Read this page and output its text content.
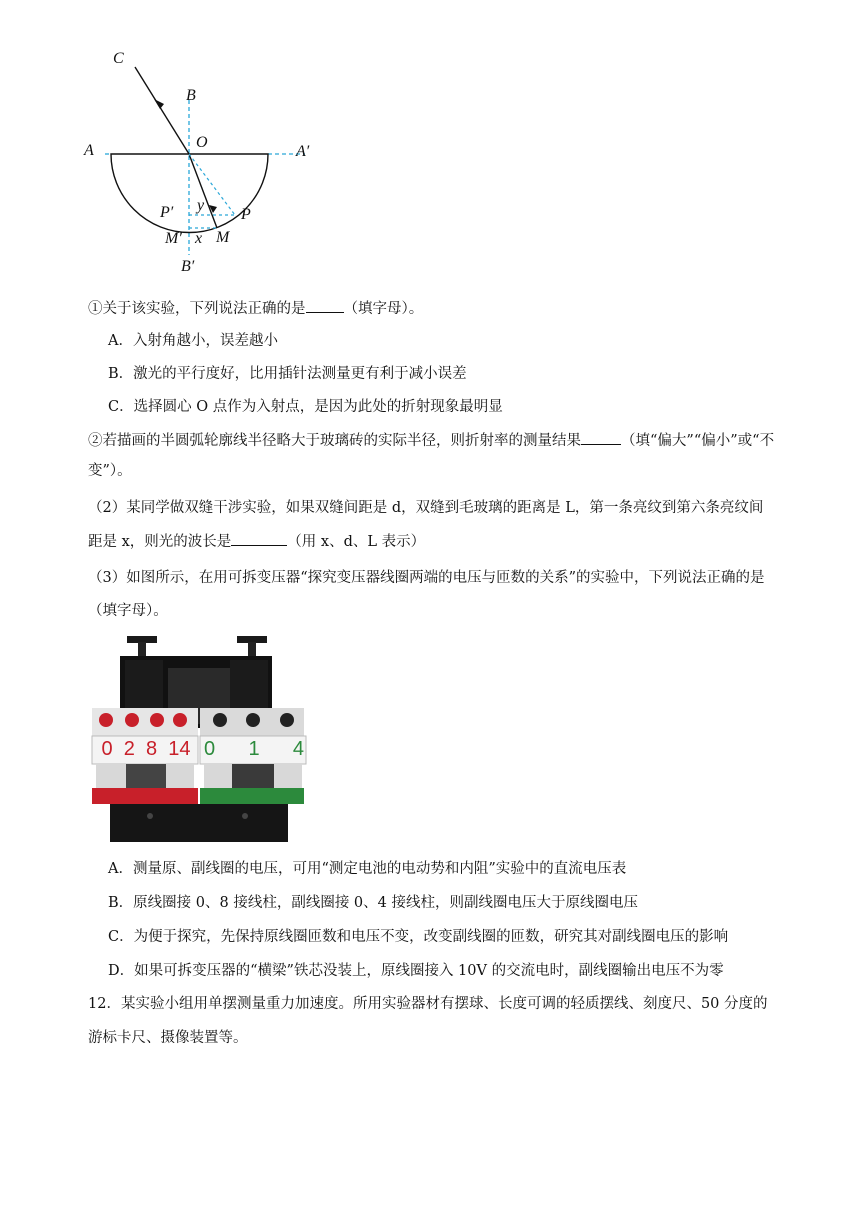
C
B
O
A	A′
P′ y
P
M′ x M
B′
①关于该实验，下列说法正确的是	（填字母）。
A．入射角越小，误差越小
B．激光的平行度好，比用插针法测量更有利于减小误差
C．选择圆心 O 点作为入射点，是因为此处的折射现象最明显
②若描画的半圆弧轮廓线半径略大于玻璃砖的实际半径，则折射率的测量结果	（填“偏大”“偏小”或“不
变”）。
（2）某同学做双缝干涉实验，如果双缝间距是 d，双缝到毛玻璃的距离是 L，第一条亮纹到第六条亮纹间
距是 x，则光的波长是	（用 x、d、L 表示）
（3）如图所示，在用可拆变压器“探究变压器线圈两端的电压与匝数的关系”的实验中，下列说法正确的是
（填字母）。
0 2 8 14 0 1 4
A．测量原、副线圈的电压，可用“测定电池的电动势和内阻”实验中的直流电压表
B．原线圈接 0、8 接线柱，副线圈接 0、4 接线柱，则副线圈电压大于原线圈电压
C．为便于探究，先保持原线圈匝数和电压不变，改变副线圈的匝数，研究其对副线圈电压的影响
D．如果可拆变压器的“横梁”铁芯没装上，原线圈接入 10V 的交流电时，副线圈输出电压不为零
12．某实验小组用单摆测量重力加速度。所用实验器材有摆球、长度可调的轻质摆线、刻度尺、50 分度的
游标卡尺、摄像装置等。
